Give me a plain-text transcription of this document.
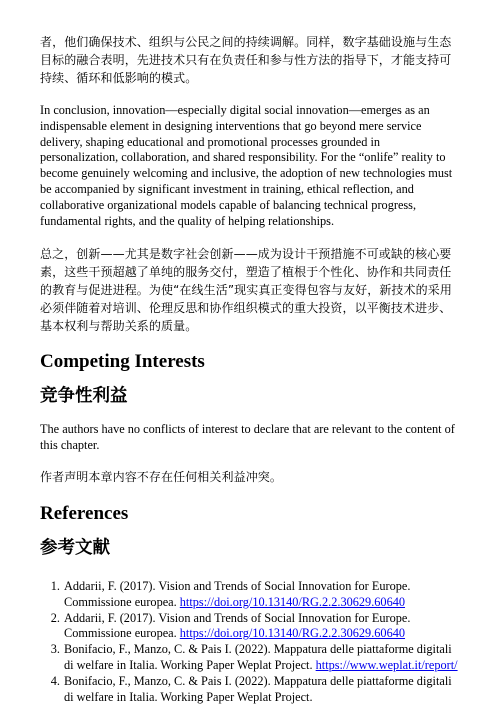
者，他们确保技术、组织与公民之间的持续调解。同样，数字基础设施与生态目标的融合表明，先进技术只有在负责任和参与性方法的指导下，才能支持可持续、循环和低影响的模式。

In conclusion, innovation—especially digital social innovation—emerges as an indispensable element in designing interventions that go beyond mere service delivery, shaping educational and promotional processes grounded in personalization, collaboration, and shared responsibility. For the “onlife” reality to become genuinely welcoming and inclusive, the adoption of new technologies must be accompanied by significant investment in training, ethical reflection, and collaborative organizational models capable of balancing technical progress, fundamental rights, and the quality of helping relationships.

总之，创新——尤其是数字社会创新——成为设计干预措施不可或缺的核心要素，这些干预超越了单纯的服务交付，塑造了植根于个性化、协作和共同责任的教育与促进进程。为使“在线生活”现实真正变得包容与友好，新技术的采用必须伴随着对培训、伦理反思和协作组织模式的重大投资，以平衡技术进步、基本权利与帮助关系的质量。

Competing Interests
竞争性利益

The authors have no conflicts of interest to declare that are relevant to the content of this chapter.

作者声明本章内容不存在任何相关利益冲突。

References
参考文献
1. Addarii, F. (2017). Vision and Trends of Social Innovation for Europe. Commissione europea. https://doi.org/10.13140/RG.2.2.30629.60640
2. Addarii, F. (2017). Vision and Trends of Social Innovation for Europe. Commissione europea. https://doi.org/10.13140/RG.2.2.30629.60640
3. Bonifacio, F., Manzo, C. & Pais I. (2022). Mappatura delle piattaforme digitali di welfare in Italia. Working Paper Weplat Project. https://www.weplat.it/report/
4. Bonifacio, F., Manzo, C. & Pais I. (2022). Mappatura delle piattaforme digitali di welfare in Italia. Working Paper Weplat Project.
